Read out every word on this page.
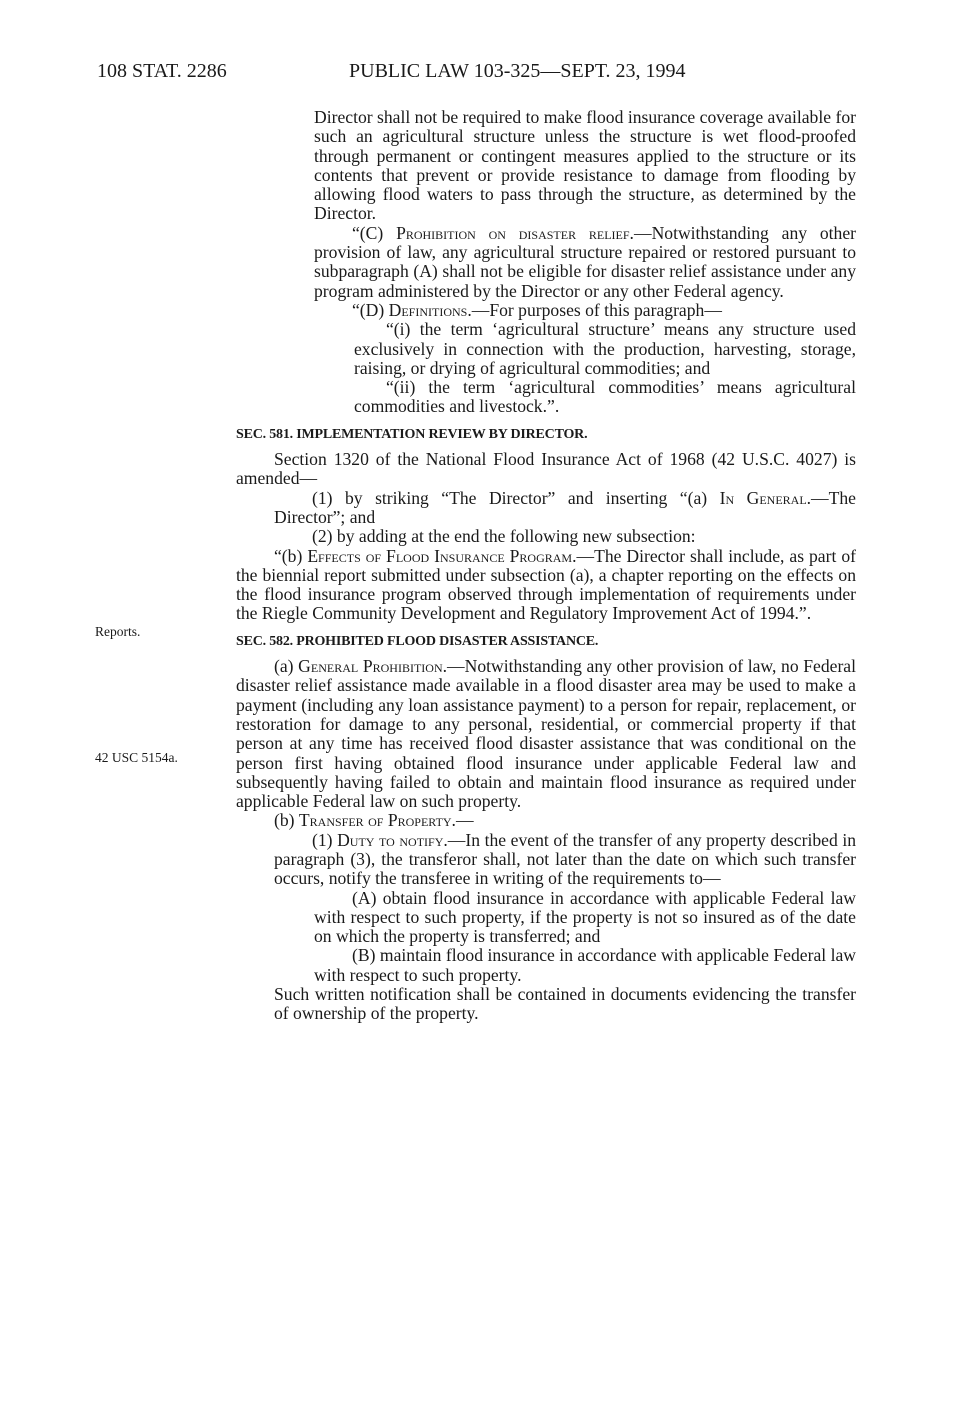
108 STAT. 2286	PUBLIC LAW 103-325—SEPT. 23, 1994
Reports.
42 USC 5154a.

Director shall not be required to make flood insurance coverage available for such an agricultural structure unless the structure is wet flood-proofed through permanent or contingent measures applied to the structure or its contents that prevent or provide resistance to damage from flooding by allowing flood waters to pass through the structure, as determined by the Director.

“(C) Prohibition on disaster relief.—Notwithstanding any other provision of law, any agricultural structure repaired or restored pursuant to subparagraph (A) shall not be eligible for disaster relief assistance under any program administered by the Director or any other Federal agency.

“(D) Definitions.—For purposes of this paragraph—

“(i) the term ‘agricultural structure’ means any structure used exclusively in connection with the production, harvesting, storage, raising, or drying of agricultural commodities; and

“(ii) the term ‘agricultural commodities’ means agricultural commodities and livestock.”.

SEC. 581. IMPLEMENTATION REVIEW BY DIRECTOR.

Section 1320 of the National Flood Insurance Act of 1968 (42 U.S.C. 4027) is amended—

(1) by striking “The Director” and inserting “(a) In General.—The Director”; and

(2) by adding at the end the following new subsection:

“(b) Effects of Flood Insurance Program.—The Director shall include, as part of the biennial report submitted under subsection (a), a chapter reporting on the effects on the flood insurance program observed through implementation of requirements under the Riegle Community Development and Regulatory Improvement Act of 1994.”.

SEC. 582. PROHIBITED FLOOD DISASTER ASSISTANCE.

(a) General Prohibition.—Notwithstanding any other provision of law, no Federal disaster relief assistance made available in a flood disaster area may be used to make a payment (including any loan assistance payment) to a person for repair, replacement, or restoration for damage to any personal, residential, or commercial property if that person at any time has received flood disaster assistance that was conditional on the person first having obtained flood insurance under applicable Federal law and subsequently having failed to obtain and maintain flood insurance as required under applicable Federal law on such property.

(b) Transfer of Property.—

(1) Duty to notify.—In the event of the transfer of any property described in paragraph (3), the transferor shall, not later than the date on which such transfer occurs, notify the transferee in writing of the requirements to—

(A) obtain flood insurance in accordance with applicable Federal law with respect to such property, if the property is not so insured as of the date on which the property is transferred; and

(B) maintain flood insurance in accordance with applicable Federal law with respect to such property.

Such written notification shall be contained in documents evidencing the transfer of ownership of the property.
